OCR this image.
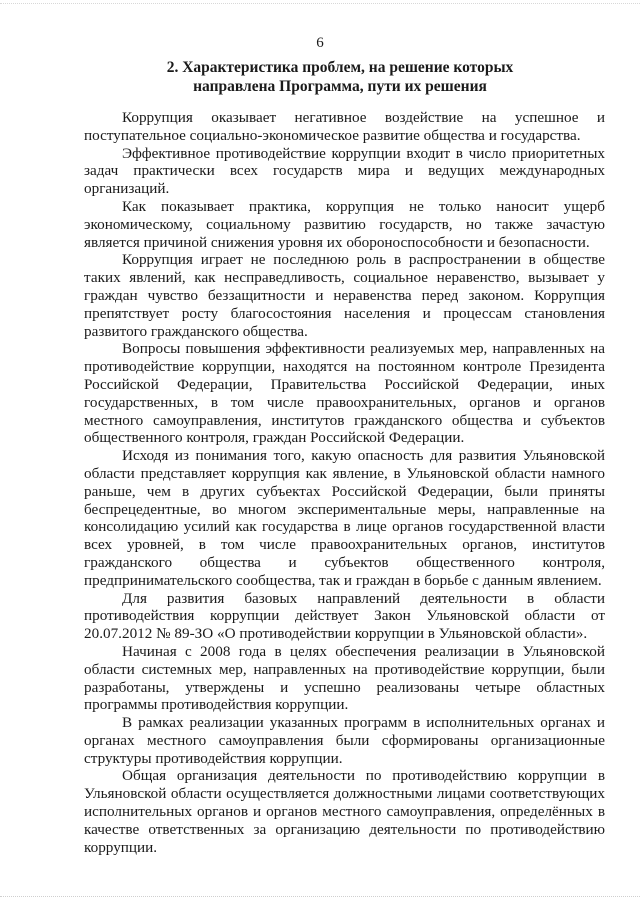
6
2. Характеристика проблем, на решение которых
направлена Программа, пути их решения

Коррупция оказывает негативное воздействие на успешное и поступательное социально-экономическое развитие общества и государства.

Эффективное противодействие коррупции входит в число приоритетных задач практически всех государств мира и ведущих международных организаций.

Как показывает практика, коррупция не только наносит ущерб экономическому, социальному развитию государств, но также зачастую является причиной снижения уровня их обороноспособности и безопасности.

Коррупция играет не последнюю роль в распространении в обществе таких явлений, как несправедливость, социальное неравенство, вызывает у граждан чувство беззащитности и неравенства перед законом. Коррупция препятствует росту благосостояния населения и процессам становления развитого гражданского общества.

Вопросы повышения эффективности реализуемых мер, направленных на противодействие коррупции, находятся на постоянном контроле Президента Российской Федерации, Правительства Российской Федерации, иных государственных, в том числе правоохранительных, органов и органов местного самоуправления, институтов гражданского общества и субъектов общественного контроля, граждан Российской Федерации.

Исходя из понимания того, какую опасность для развития Ульяновской области представляет коррупция как явление, в Ульяновской области намного раньше, чем в других субъектах Российской Федерации, были приняты беспрецедентные, во многом экспериментальные меры, направленные на консолидацию усилий как государства в лице органов государственной власти всех уровней, в том числе правоохранительных органов, институтов гражданского общества и субъектов общественного контроля, предпринимательского сообщества, так и граждан в борьбе с данным явлением.

Для развития базовых направлений деятельности в области противодействия коррупции действует Закон Ульяновской области от 20.07.2012 № 89-ЗО «О противодействии коррупции в Ульяновской области».

Начиная с 2008 года в целях обеспечения реализации в Ульяновской области системных мер, направленных на противодействие коррупции, были разработаны, утверждены и успешно реализованы четыре областных программы противодействия коррупции.

В рамках реализации указанных программ в исполнительных органах и органах местного самоуправления были сформированы организационные структуры противодействия коррупции.

Общая организация деятельности по противодействию коррупции в Ульяновской области осуществляется должностными лицами соответствующих исполнительных органов и органов местного самоуправления, определённых в качестве ответственных за организацию деятельности по противодействию коррупции.
